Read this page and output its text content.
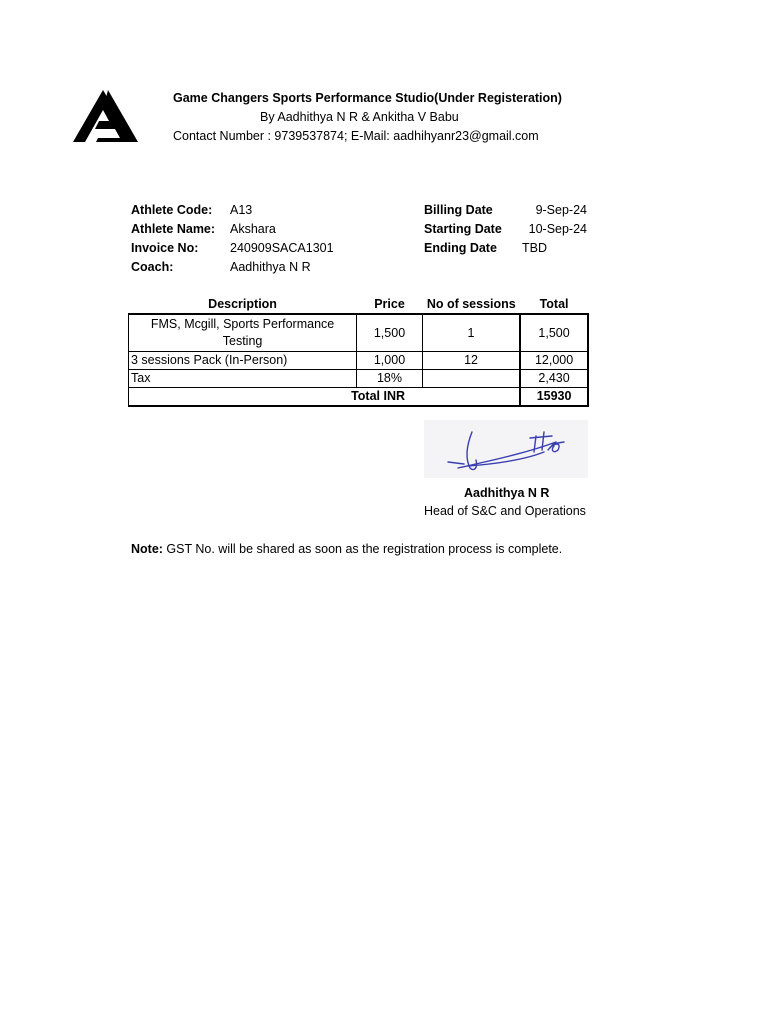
Game Changers Sports Performance Studio(Under Registeration)
By Aadhithya N R & Ankitha V Babu
Contact Number : 9739537874; E-Mail: aadhihyanr23@gmail.com
Athlete Code: A13
Athlete Name: Akshara
Invoice No:	240909SACA1301
Coach:	Aadhithya N R
Billing Date	9-Sep-24
Starting Date 10-Sep-24
Ending Date TBD
Description	Price	No of sessions	Total
FMS, Mcgill, Sports Performance Testing	1,500	1	1,500
3 sessions Pack (In-Person)	1,000	12	12,000
Tax	18%		2,430
Total INR			15930
Aadhithya N R
Head of S&C and Operations
Note: GST No. will be shared as soon as the registration process is complete.
